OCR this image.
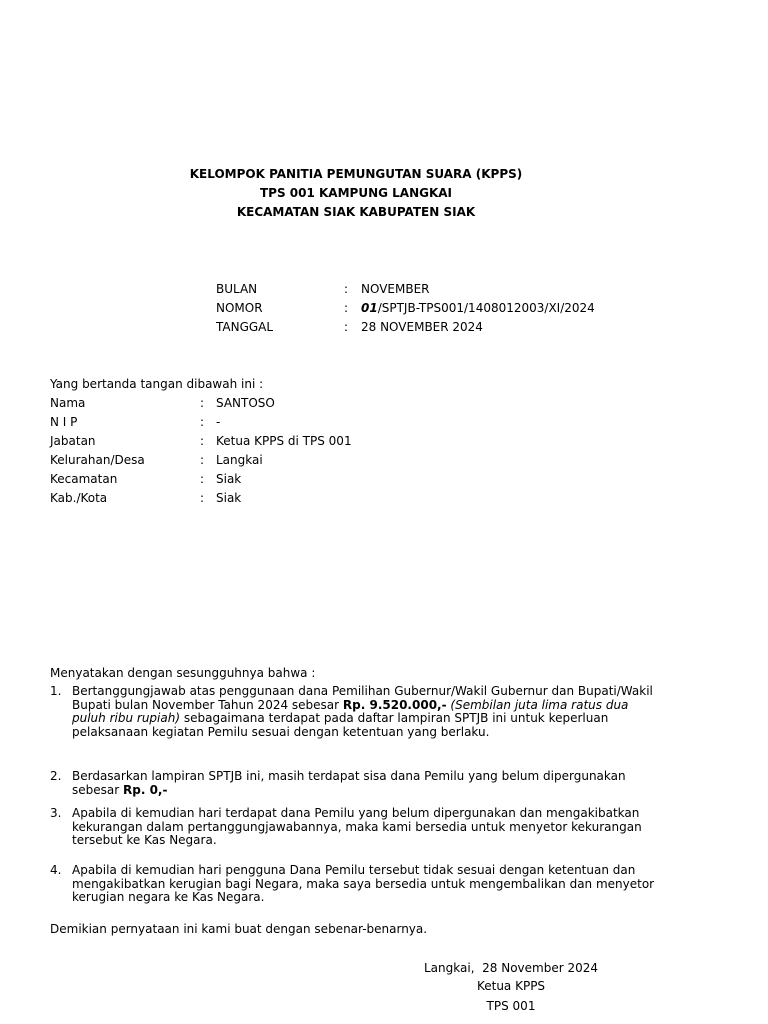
KELOMPOK PANITIA PEMUNGUTAN SUARA (KPPS)
TPS 001 KAMPUNG LANGKAI
KECAMATAN SIAK KABUPATEN SIAK
BULAN	: NOVEMBER
NOMOR	: 01/SPTJB-TPS001/1408012003/XI/2024
TANGGAL	: 28 NOVEMBER 2024
Yang bertanda tangan dibawah ini :
Nama	: SANTOSO
N I P	: -
Jabatan	: Ketua KPPS di TPS 001
Kelurahan/Desa	: Langkai
Kecamatan	: Siak
Kab./Kota	: Siak
Menyatakan dengan sesungguhnya bahwa :
1. Bertanggungjawab atas penggunaan dana Pemilihan Gubernur/Wakil Gubernur dan Bupati/Wakil Bupati bulan November Tahun 2024 sebesar Rp. 9.520.000,- (Sembilan juta lima ratus dua puluh ribu rupiah) sebagaimana terdapat pada daftar lampiran SPTJB ini untuk keperluan pelaksanaan kegiatan Pemilu sesuai dengan ketentuan yang berlaku.
2. Berdasarkan lampiran SPTJB ini, masih terdapat sisa dana Pemilu yang belum dipergunakan sebesar Rp. 0,-
3. Apabila di kemudian hari terdapat dana Pemilu yang belum dipergunakan dan mengakibatkan kekurangan dalam pertanggungjawabannya, maka kami bersedia untuk menyetor kekurangan tersebut ke Kas Negara.
4. Apabila di kemudian hari pengguna Dana Pemilu tersebut tidak sesuai dengan ketentuan dan mengakibatkan kerugian bagi Negara, maka saya bersedia untuk mengembalikan dan menyetor kerugian negara ke Kas Negara.
Demikian pernyataan ini kami buat dengan sebenar-benarnya.
Langkai,  28 November 2024
Ketua KPPS
TPS 001
